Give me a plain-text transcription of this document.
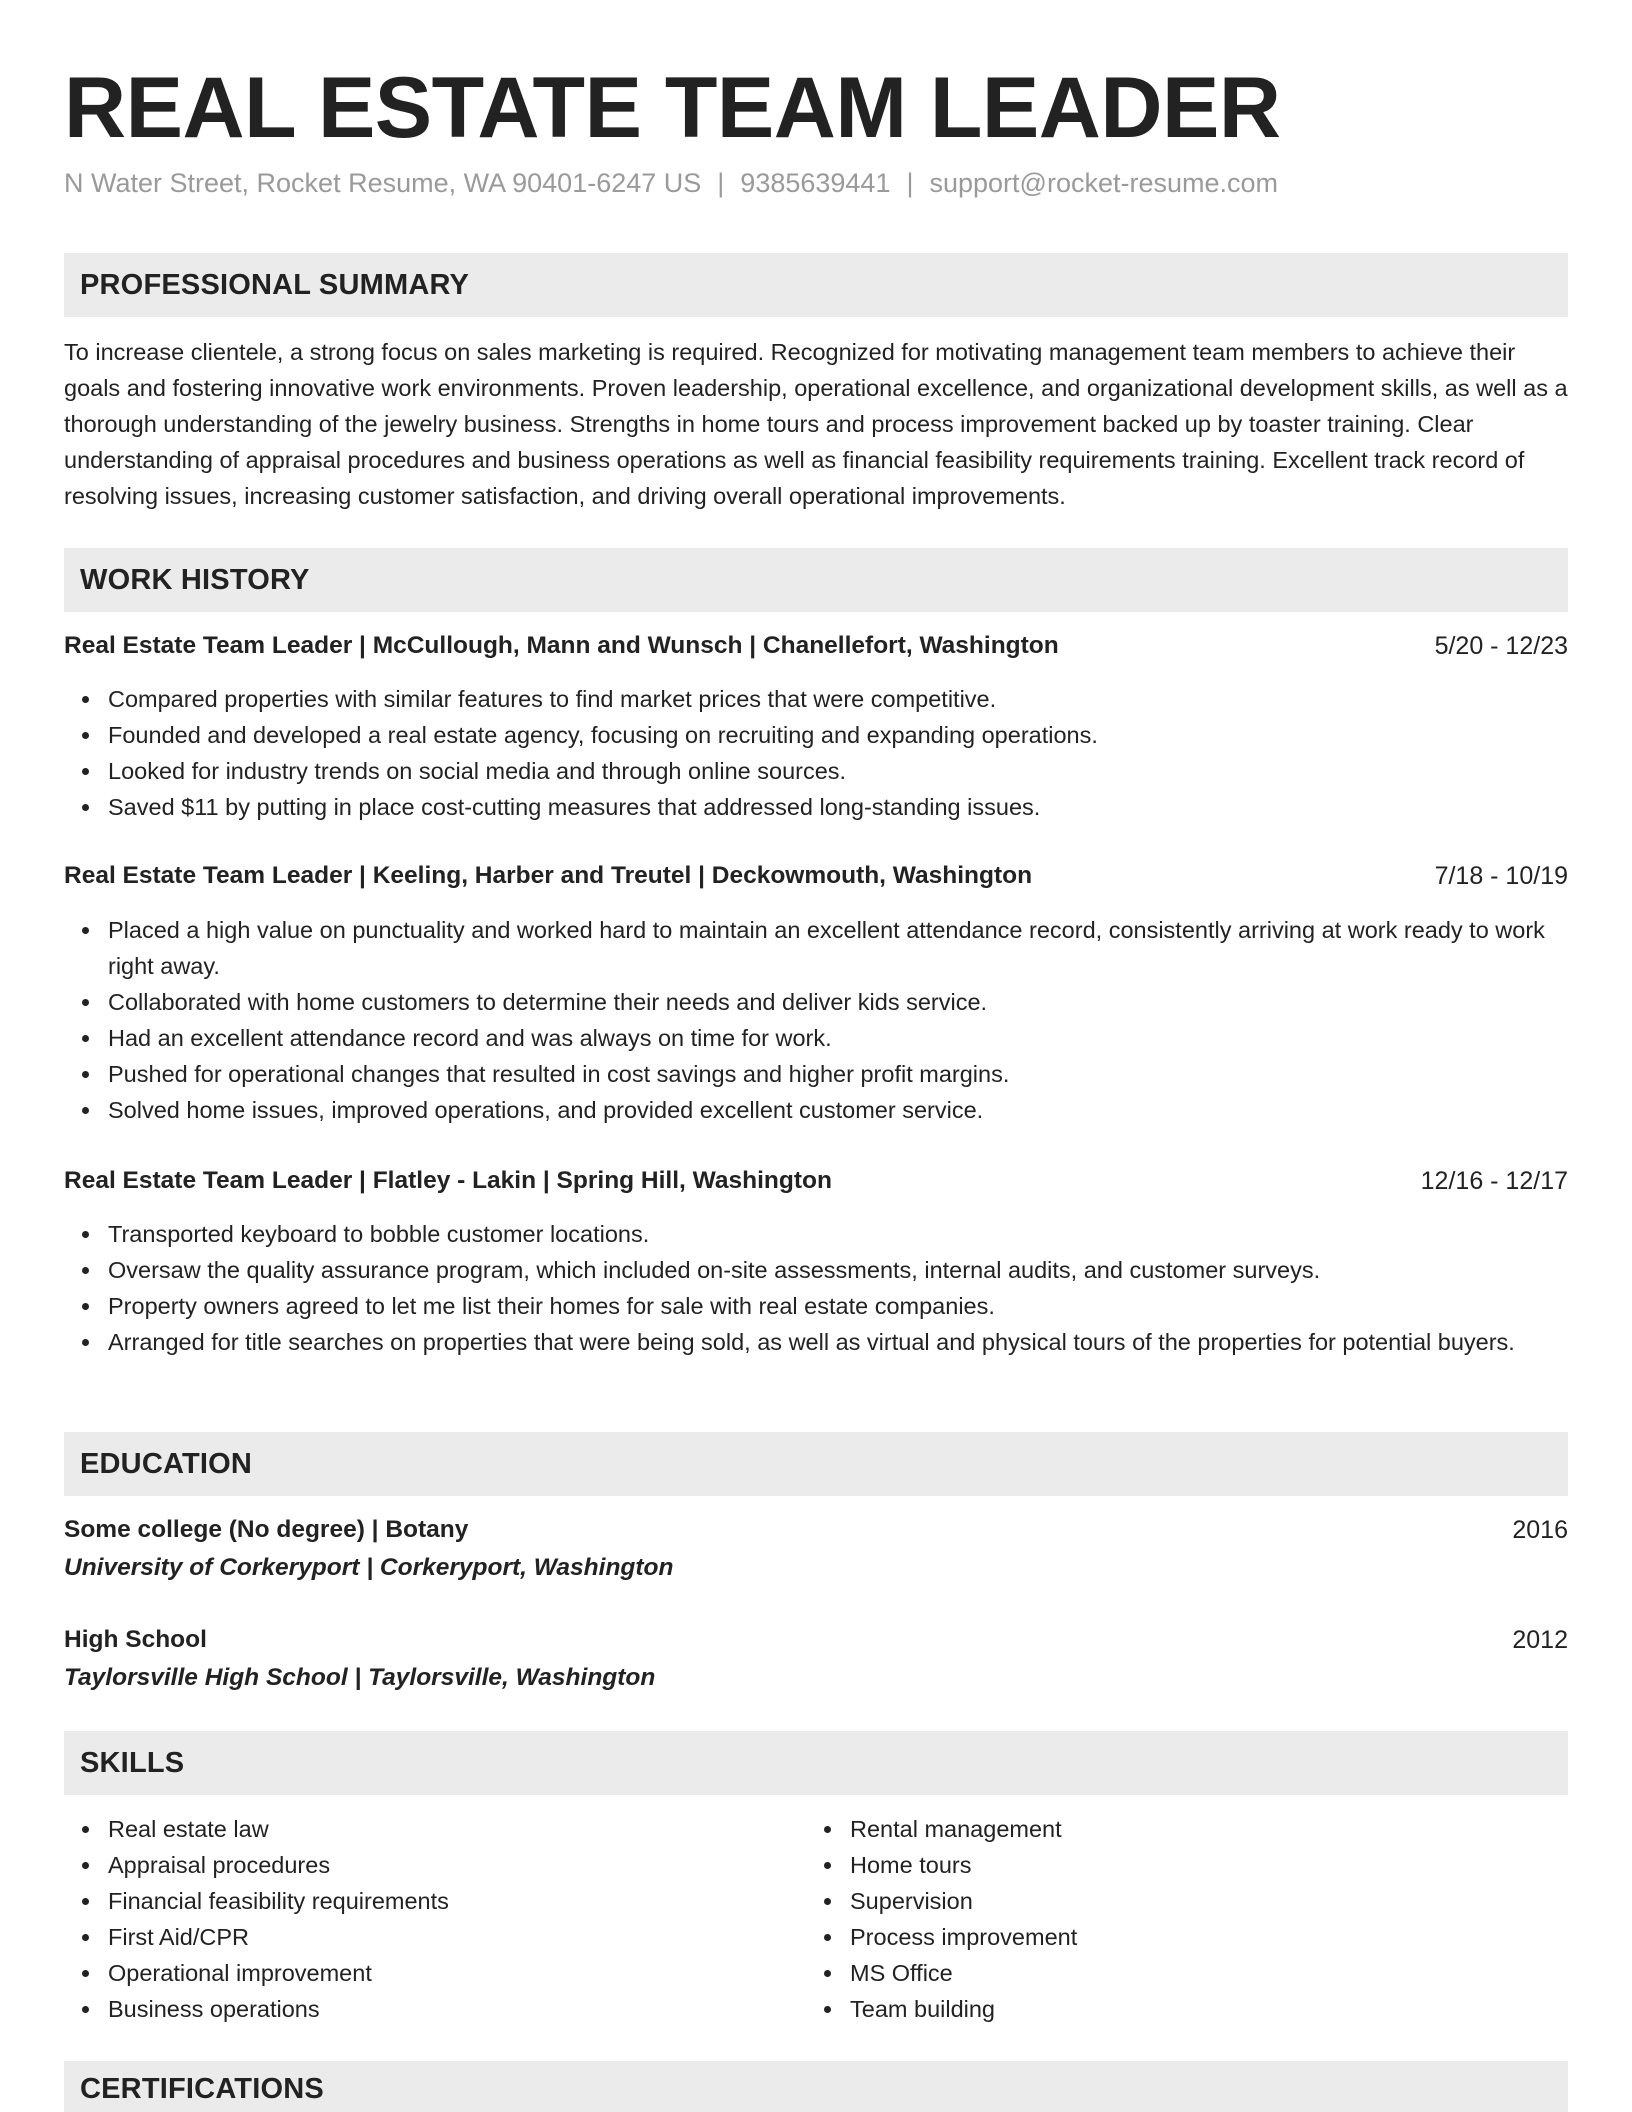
REAL ESTATE TEAM LEADER
N Water Street, Rocket Resume, WA 90401-6247 US | 9385639441 | support@rocket-resume.com
PROFESSIONAL SUMMARY

To increase clientele, a strong focus on sales marketing is required. Recognized for motivating management team members to achieve their goals and fostering innovative work environments. Proven leadership, operational excellence, and organizational development skills, as well as a thorough understanding of the jewelry business. Strengths in home tours and process improvement backed up by toaster training. Clear understanding of appraisal procedures and business operations as well as financial feasibility requirements training. Excellent track record of resolving issues, increasing customer satisfaction, and driving overall operational improvements.

WORK HISTORY
Real Estate Team Leader | McCullough, Mann and Wunsch | Chanellefort, Washington	5/20 - 12/23
Compared properties with similar features to find market prices that were competitive.
Founded and developed a real estate agency, focusing on recruiting and expanding operations.
Looked for industry trends on social media and through online sources.
Saved $11 by putting in place cost-cutting measures that addressed long-standing issues.
Real Estate Team Leader | Keeling, Harber and Treutel | Deckowmouth, Washington	7/18 - 10/19
Placed a high value on punctuality and worked hard to maintain an excellent attendance record, consistently arriving at work ready to work right away.
Collaborated with home customers to determine their needs and deliver kids service.
Had an excellent attendance record and was always on time for work.
Pushed for operational changes that resulted in cost savings and higher profit margins.
Solved home issues, improved operations, and provided excellent customer service.
Real Estate Team Leader | Flatley - Lakin | Spring Hill, Washington	12/16 - 12/17
Transported keyboard to bobble customer locations.
Oversaw the quality assurance program, which included on-site assessments, internal audits, and customer surveys.
Property owners agreed to let me list their homes for sale with real estate companies.
Arranged for title searches on properties that were being sold, as well as virtual and physical tours of the properties for potential buyers.
EDUCATION
Some college (No degree) | Botany	2016
University of Corkeryport | Corkeryport, Washington
High School	2012
Taylorsville High School | Taylorsville, Washington
SKILLS
Real estate law
Appraisal procedures
Financial feasibility requirements
First Aid/CPR
Operational improvement
Business operations
Rental management
Home tours
Supervision
Process improvement
MS Office
Team building
CERTIFICATIONS
